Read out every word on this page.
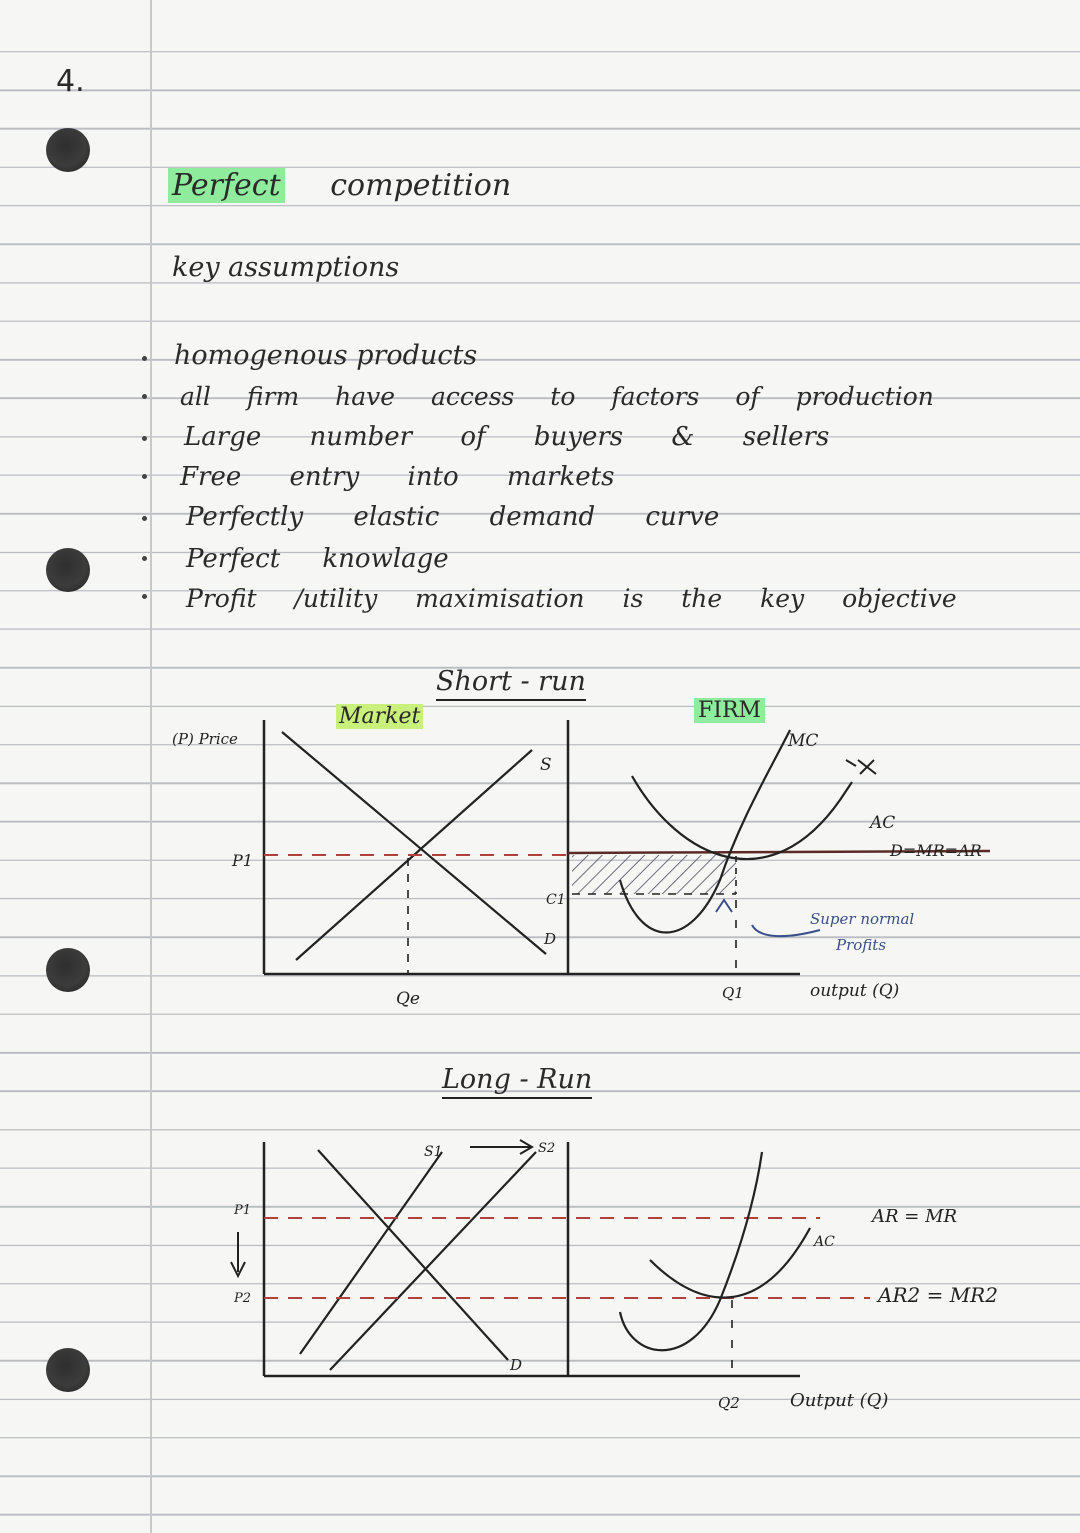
4.
Perfect competition
key assumptions
homogenous products
all firm have access to factors of production
Large number of buyers & sellers
Free entry into markets
Perfectly elastic demand curve
Perfect knowlage
Profit /utility maximisation is the key objective
Short - run
Market	FIRM
(P) Price
P1
Qe
S
D
C1
MC
AC
D=MR=AR
Super normal
Profits
Q1	output (Q)
P1
P2
S1	S2
D
AC
AR = MR
AR2 = MR2
Q2	Output (Q)
Long - Run
